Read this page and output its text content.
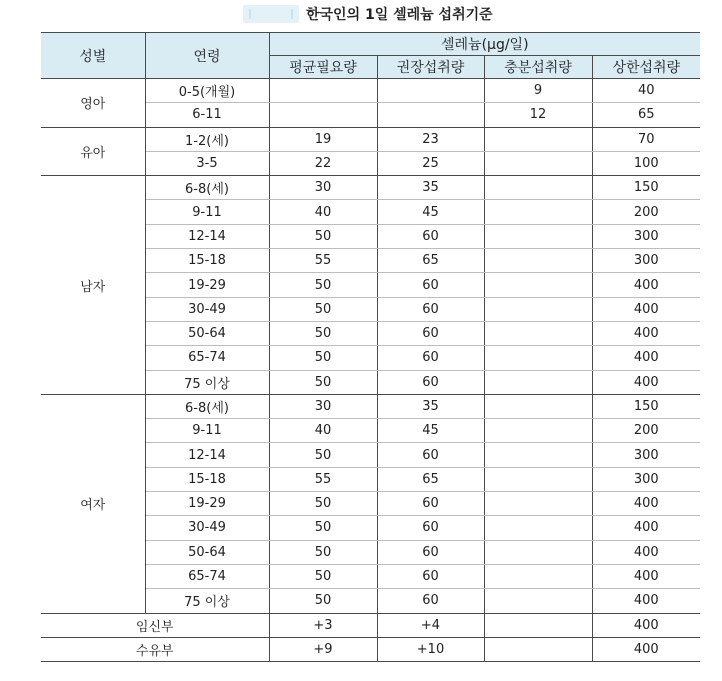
한국인의 1일 셀레늄 섭취기준
성별	연령	셀레늄(μg/일)			
		평균필요량	권장섭취량	충분섭취량	상한섭취량
영아	0-5(개월)			9	40
	6-11			12	65
유아	1-2(세)	19	23		70
	3-5	22	25		100
남자	6-8(세)	30	35		150
	9-11	40	45		200
	12-14	50	60		300
	15-18	55	65		300
	19-29	50	60		400
	30-49	50	60		400
	50-64	50	60		400
	65-74	50	60		400
	75 이상	50	60		400
여자	6-8(세)	30	35		150
	9-11	40	45		200
	12-14	50	60		300
	15-18	55	65		300
	19-29	50	60		400
	30-49	50	60		400
	50-64	50	60		400
	65-74	50	60		400
	75 이상	50	60		400
임신부		+3	+4		400
수유부		+9	+10		400
